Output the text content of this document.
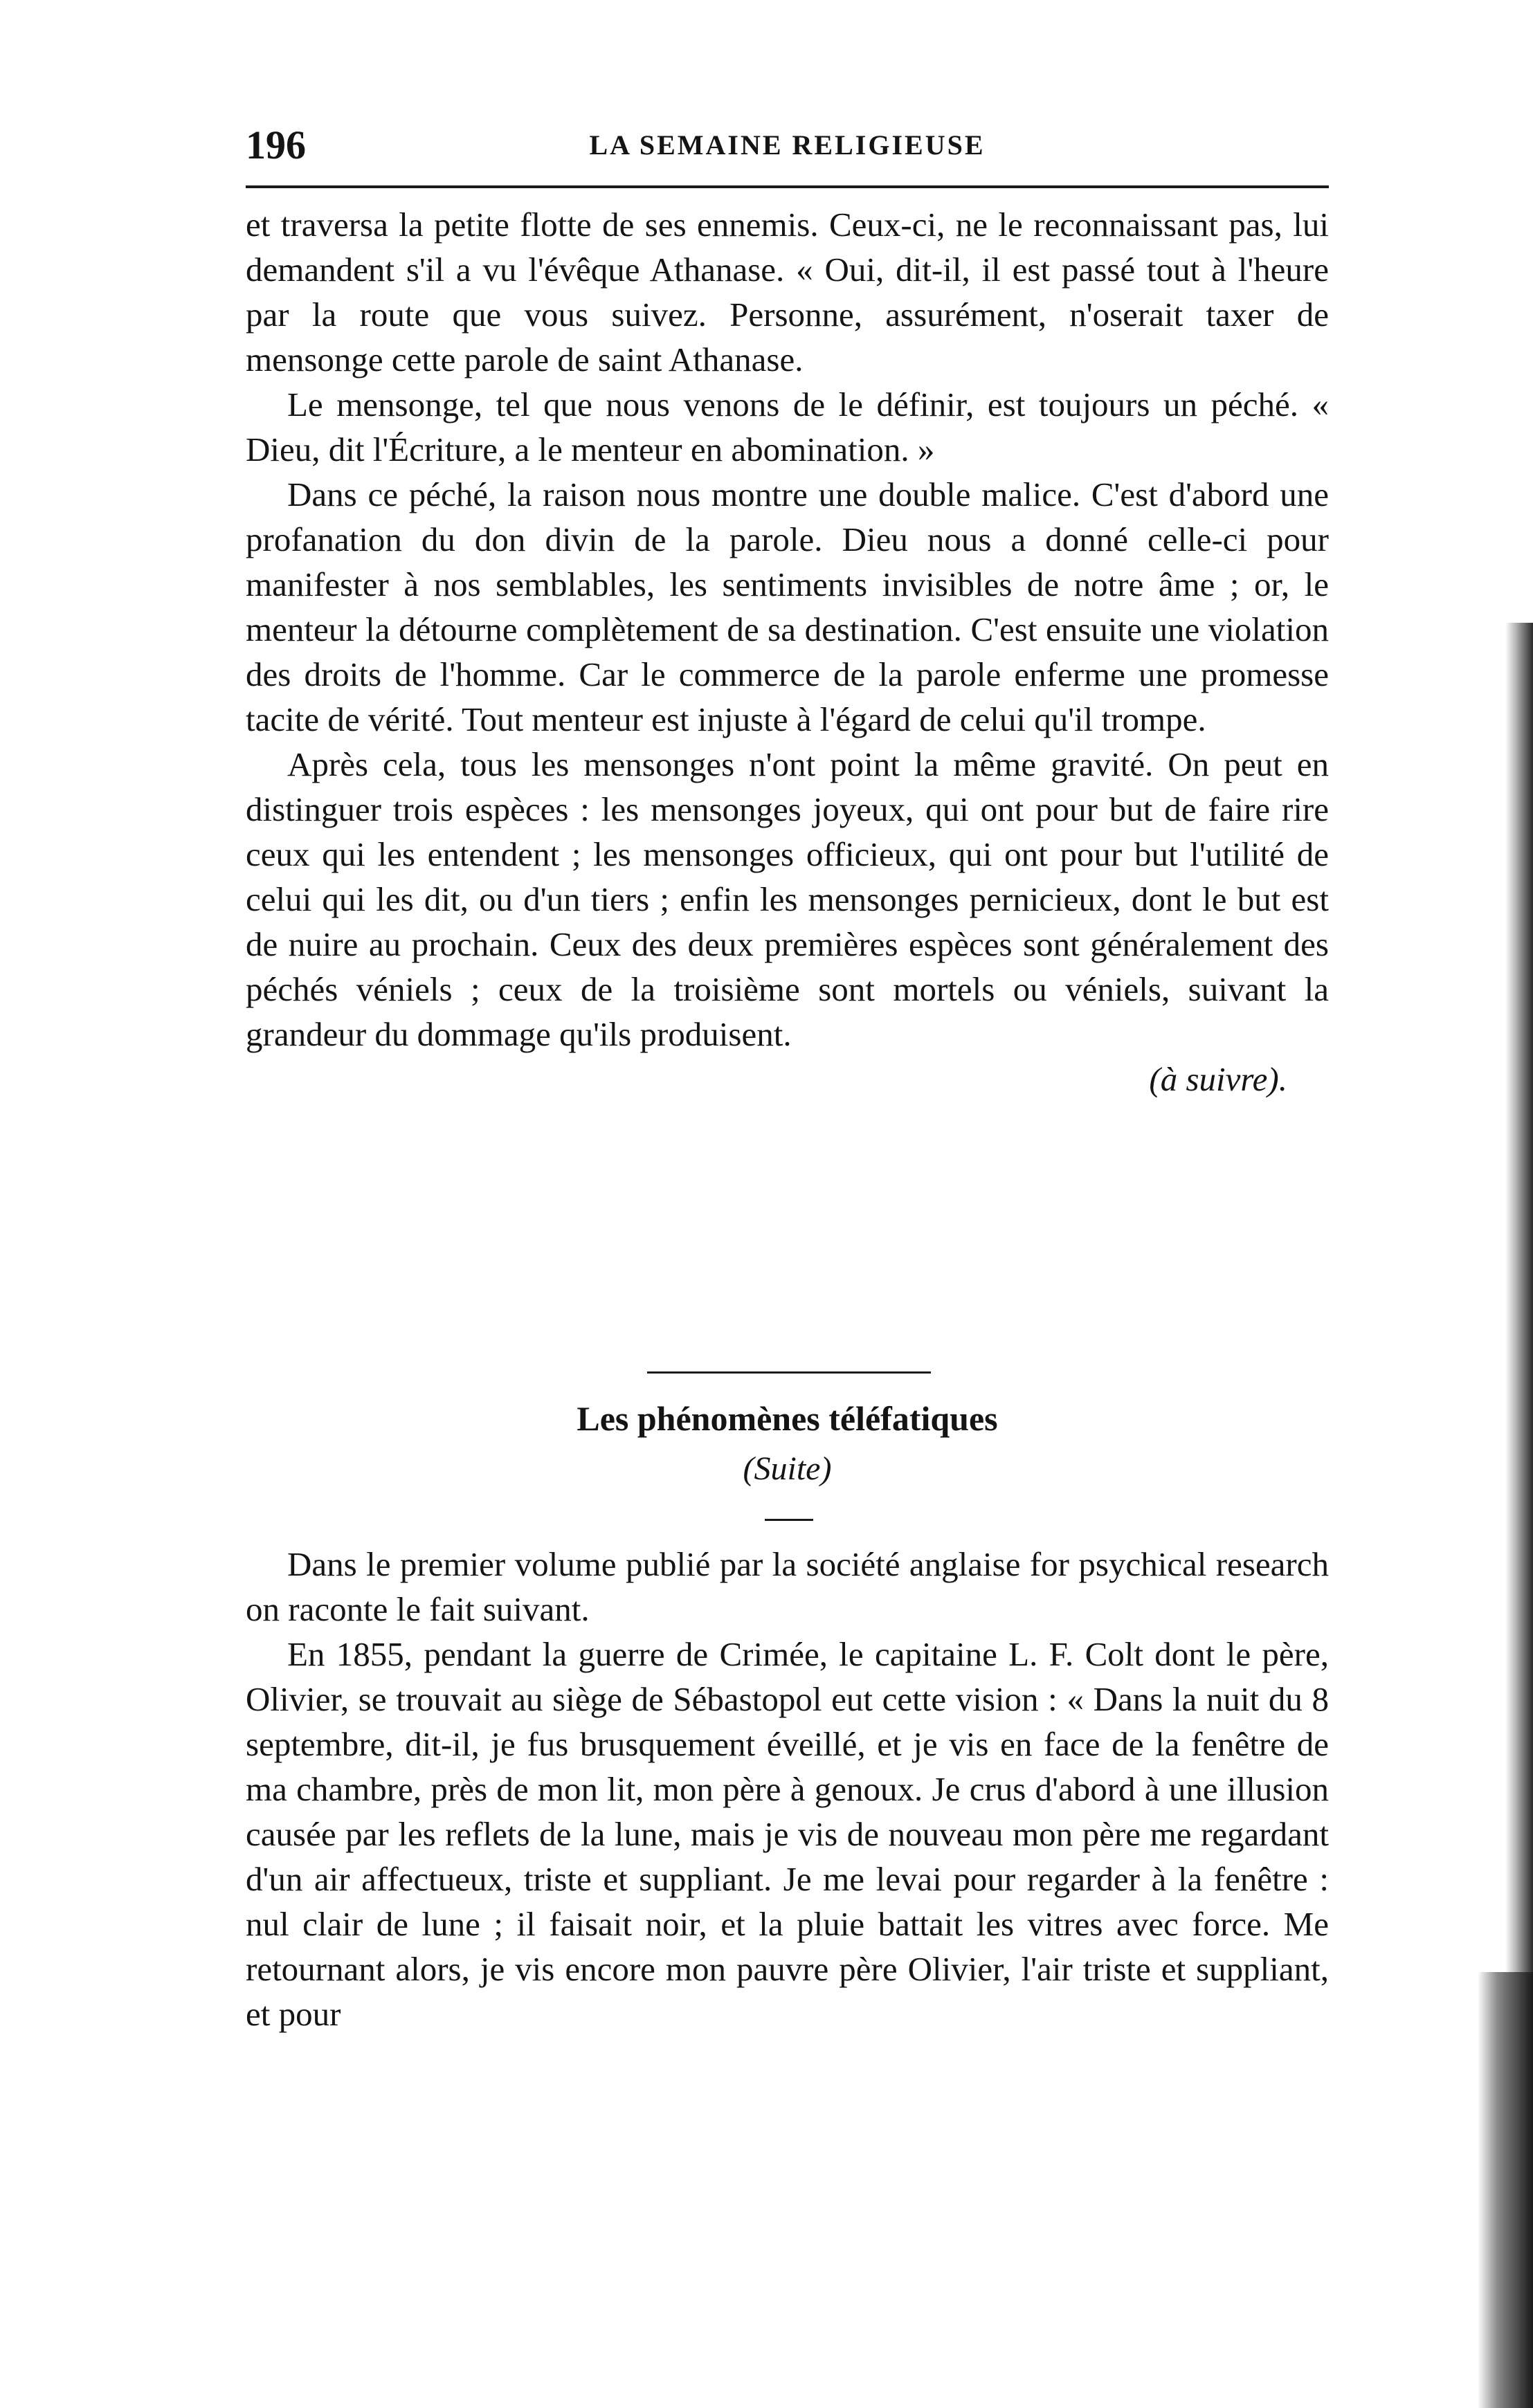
196	LA SEMAINE RELIGIEUSE

et traversa la petite flotte de ses ennemis. Ceux-ci, ne le reconnaissant pas, lui demandent s'il a vu l'évêque Athanase. « Oui, dit-il, il est passé tout à l'heure par la route que vous suivez. Personne, assurément, n'oserait taxer de mensonge cette parole de saint Athanase.

Le mensonge, tel que nous venons de le définir, est toujours un péché. « Dieu, dit l'Écriture, a le menteur en abomination. »

Dans ce péché, la raison nous montre une double malice. C'est d'abord une profanation du don divin de la parole. Dieu nous a donné celle-ci pour manifester à nos semblables, les sentiments invisibles de notre âme ; or, le menteur la détourne complètement de sa destination. C'est ensuite une violation des droits de l'homme. Car le commerce de la parole enferme une promesse tacite de vérité. Tout menteur est injuste à l'égard de celui qu'il trompe.

Après cela, tous les mensonges n'ont point la même gravité. On peut en distinguer trois espèces : les mensonges joyeux, qui ont pour but de faire rire ceux qui les entendent ; les mensonges officieux, qui ont pour but l'utilité de celui qui les dit, ou d'un tiers ; enfin les mensonges pernicieux, dont le but est de nuire au prochain. Ceux des deux premières espèces sont généralement des péchés véniels ; ceux de la troisième sont mortels ou véniels, suivant la grandeur du dommage qu'ils produisent.

(à suivre).

Les phénomènes téléfatiques
(Suite)

Dans le premier volume publié par la société anglaise for psychical research on raconte le fait suivant.

En 1855, pendant la guerre de Crimée, le capitaine L. F. Colt dont le père, Olivier, se trouvait au siège de Sébastopol eut cette vision : « Dans la nuit du 8 septembre, dit-il, je fus brusquement éveillé, et je vis en face de la fenêtre de ma chambre, près de mon lit, mon père à genoux. Je crus d'abord à une illusion causée par les reflets de la lune, mais je vis de nouveau mon père me regardant d'un air affectueux, triste et suppliant. Je me levai pour regarder à la fenêtre : nul clair de lune ; il faisait noir, et la pluie battait les vitres avec force. Me retournant alors, je vis encore mon pauvre père Olivier, l'air triste et suppliant, et pour
